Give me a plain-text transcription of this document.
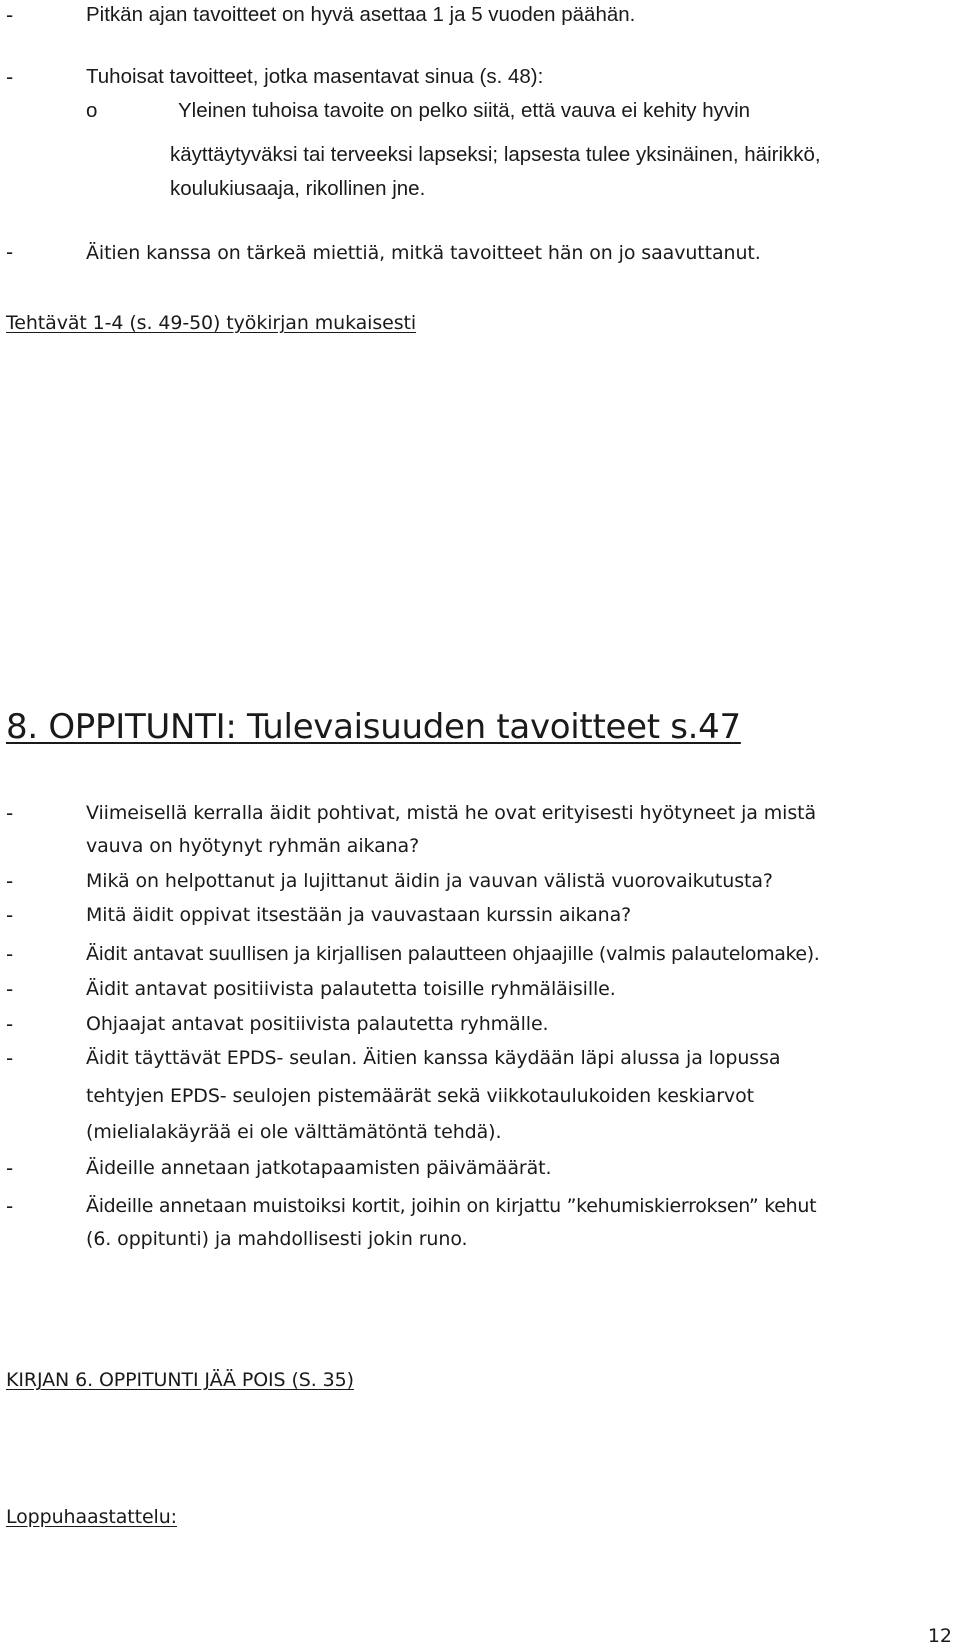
-	Pitkän ajan tavoitteet on hyvä asettaa 1 ja 5 vuoden päähän.
-	Tuhoisat tavoitteet, jotka masentavat sinua (s. 48):
o	Yleinen tuhoisa tavoite on pelko siitä, että vauva ei kehity hyvin
käyttäytyväksi tai terveeksi lapseksi; lapsesta tulee yksinäinen, häirikkö,
koulukiusaaja, rikollinen jne.
-	Äitien kanssa on tärkeä miettiä, mitkä tavoitteet hän on jo saavuttanut.
Tehtävät 1-4 (s. 49-50) työkirjan mukaisesti
8. OPPITUNTI: Tulevaisuuden tavoitteet s.47
-	Viimeisellä kerralla äidit pohtivat, mistä he ovat erityisesti hyötyneet ja mistä
vauva on hyötynyt ryhmän aikana?
-	Mikä on helpottanut ja lujittanut äidin ja vauvan välistä vuorovaikutusta?
-	Mitä äidit oppivat itsestään ja vauvastaan kurssin aikana?
-	Äidit antavat suullisen ja kirjallisen palautteen ohjaajille (valmis palautelomake).
-	Äidit antavat positiivista palautetta toisille ryhmäläisille.
-	Ohjaajat antavat positiivista palautetta ryhmälle.
-	Äidit täyttävät EPDS- seulan. Äitien kanssa käydään läpi alussa ja lopussa
tehtyjen EPDS- seulojen pistemäärät sekä viikkotaulukoiden keskiarvot
(mielialakäyrää ei ole välttämätöntä tehdä).
-	Äideille annetaan jatkotapaamisten päivämäärät.
-	Äideille annetaan muistoiksi kortit, joihin on kirjattu ”kehumiskierroksen” kehut
(6. oppitunti) ja mahdollisesti jokin runo.
KIRJAN 6. OPPITUNTI JÄÄ POIS (S. 35)
Loppuhaastattelu:
12
